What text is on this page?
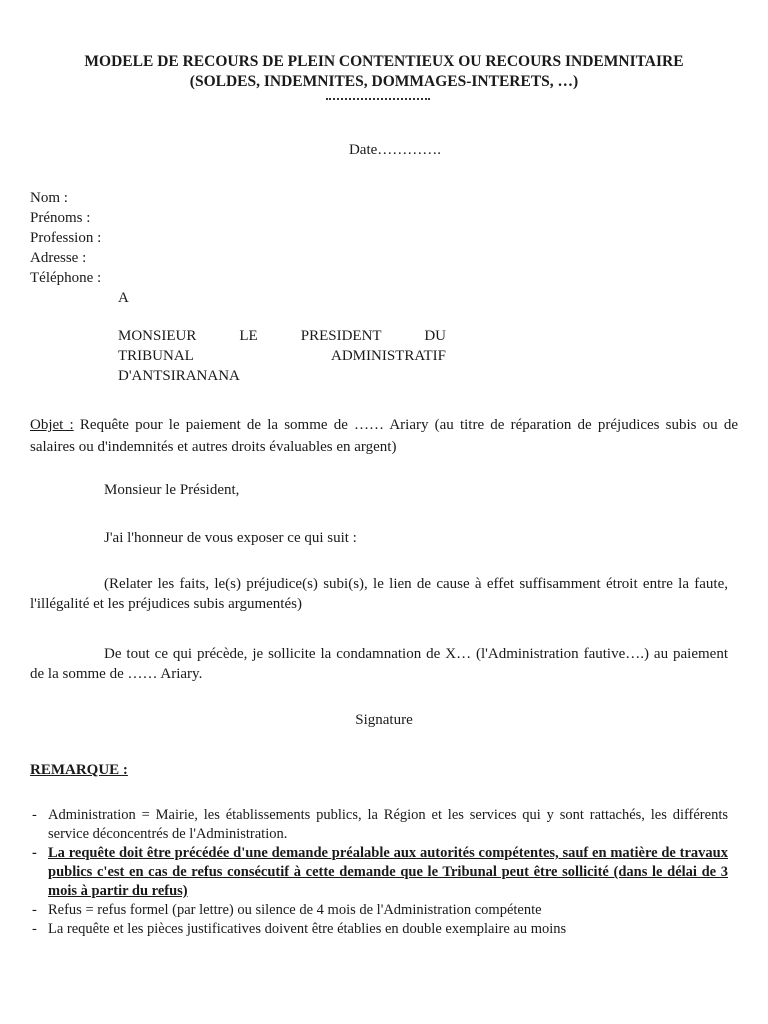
MODELE DE RECOURS DE PLEIN CONTENTIEUX OU RECOURS INDEMNITAIRE
(SOLDES, INDEMNITES, DOMMAGES-INTERETS, …)
Date………….
Nom :
Prénoms :
Profession :
Adresse :
Téléphone :
A
MONSIEUR LE PRESIDENT DU
TRIBUNAL ADMINISTRATIF
D'ANTSIRANANA
Objet : Requête pour le paiement de la somme de …… Ariary (au titre de réparation de préjudices subis ou de salaires ou d'indemnités et autres droits évaluables en argent)
Monsieur le Président,
J'ai l'honneur de vous exposer ce qui suit :
(Relater les faits, le(s) préjudice(s) subi(s), le lien de cause à effet suffisamment étroit entre la faute, l'illégalité et les préjudices subis argumentés)
De tout ce qui précède, je sollicite la condamnation de X… (l'Administration fautive….) au paiement de la somme de …… Ariary.
Signature
REMARQUE :
- Administration = Mairie, les établissements publics, la Région et les services qui y sont rattachés, les différents service déconcentrés de l'Administration.
- La requête doit être précédée d'une demande préalable aux autorités compétentes, sauf en matière de travaux publics c'est en cas de refus consécutif à cette demande que le Tribunal peut être sollicité (dans le délai de 3 mois à partir du refus)
- Refus = refus formel (par lettre) ou silence de 4 mois de l'Administration compétente
- La requête et les pièces justificatives doivent être établies en double exemplaire au moins
